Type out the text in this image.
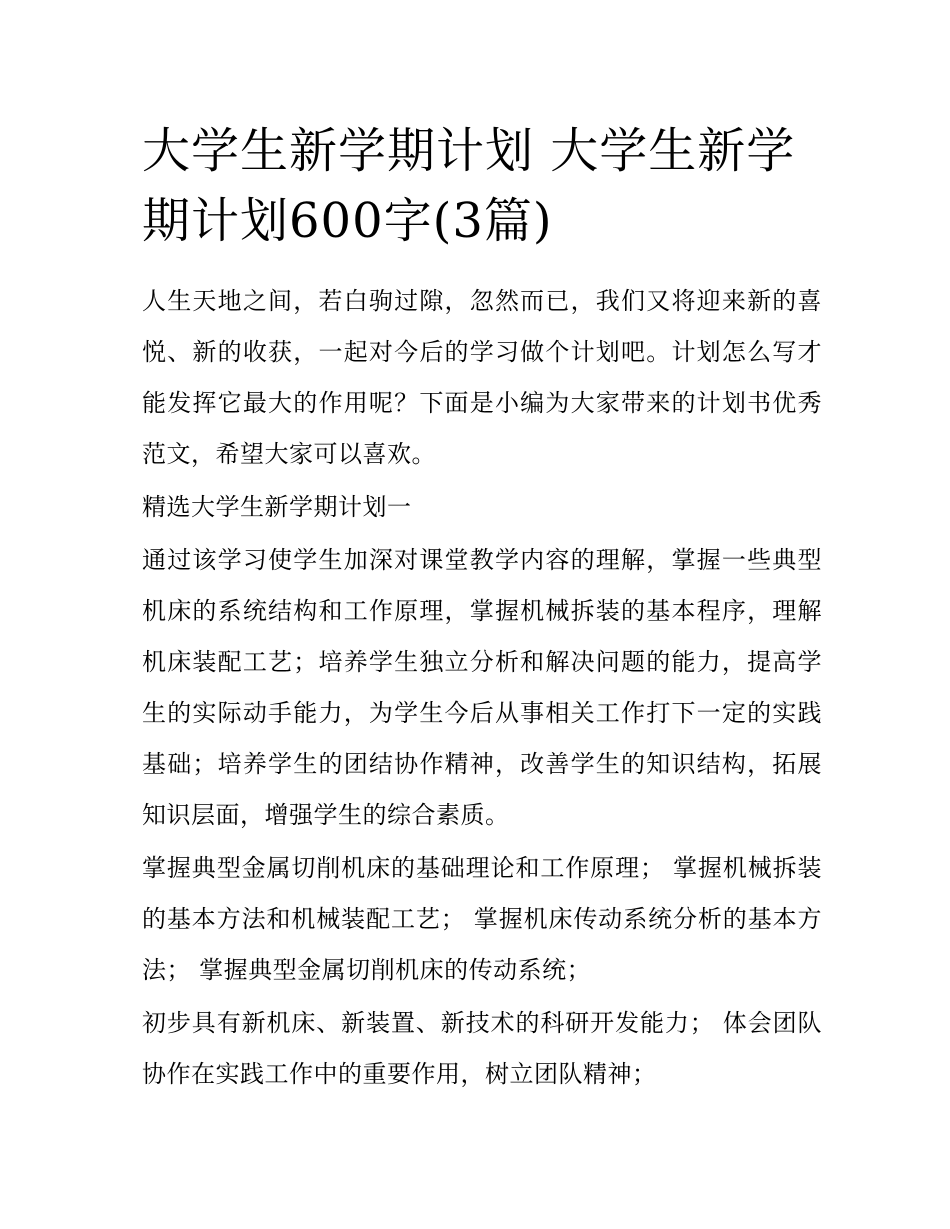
大学生新学期计划 大学生新学期计划600字(3篇)

人生天地之间，若白驹过隙，忽然而已，我们又将迎来新的喜悦、新的收获，一起对今后的学习做个计划吧。计划怎么写才能发挥它最大的作用呢？下面是小编为大家带来的计划书优秀范文，希望大家可以喜欢。

精选大学生新学期计划一

通过该学习使学生加深对课堂教学内容的理解，掌握一些典型机床的系统结构和工作原理，掌握机械拆装的基本程序，理解机床装配工艺；培养学生独立分析和解决问题的能力，提高学生的实际动手能力，为学生今后从事相关工作打下一定的实践基础；培养学生的团结协作精神，改善学生的知识结构，拓展知识层面，增强学生的综合素质。

掌握典型金属切削机床的基础理论和工作原理； 掌握机械拆装的基本方法和机械装配工艺； 掌握机床传动系统分析的基本方法； 掌握典型金属切削机床的传动系统；

初步具有新机床、新装置、新技术的科研开发能力； 体会团队协作在实践工作中的重要作用，树立团队精神；
